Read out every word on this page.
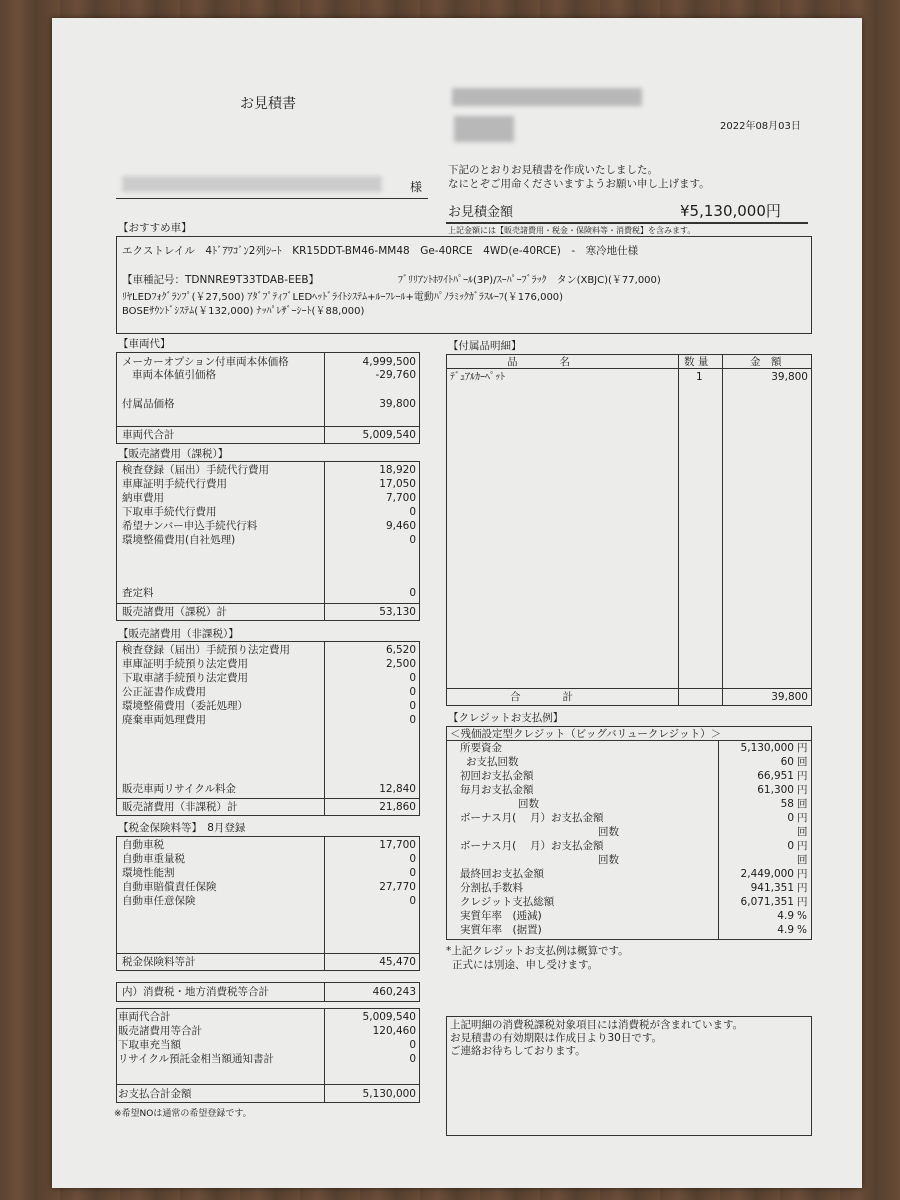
お見積書
2022年08月03日
様
下記のとおりお見積書を作成いたしました。
なにとぞご用命くださいますようお願い申し上げます。
お見積金額	¥5,130,000円
上記金額には【販売諸費用・税金・保険料等・消費税】を含みます。
【おすすめ車】
エクストレイル　4ﾄﾞｱﾜｺﾞﾝ2列ｼｰﾄ　KR15DDT-BM46-MM48　Ge-40RCE　4WD(e-40RCE)　-　寒冷地仕様
【車種記号：TDNNRE9T33TDAB-EEB】	ﾌﾞﾘﾘｱﾝﾄﾎﾜｲﾄﾊﾟｰﾙ(3P)/ｽｰﾊﾟｰﾌﾞﾗｯｸ　タン(XBJC)(￥77,000)
ﾘﾔLEDﾌｫｸﾞﾗﾝﾌﾟ(￥27,500) ｱﾀﾞﾌﾟﾃｨﾌﾞLEDﾍｯﾄﾞﾗｲﾄｼｽﾃﾑ+ﾙｰﾌﾚｰﾙ+電動ﾊﾟﾉﾗﾐｯｸｶﾞﾗｽﾙｰﾌ(￥176,000)
BOSEｻｳﾝﾄﾞｼｽﾃﾑ(￥132,000) ﾅｯﾊﾟﾚｻﾞｰｼｰﾄ(￥88,000)
【車両代】
メーカーオプション付車両本体価格	4,999,500
車両本体値引価格	-29,760
付属品価格	39,800
車両代合計	5,009,540
【販売諸費用（課税）】
検査登録（届出）手続代行費用	18,920
車庫証明手続代行費用	17,050
納車費用	7,700
下取車手続代行費用	0
希望ナンバー申込手続代行料	9,460
環境整備費用(自社処理)	0
査定料	0
販売諸費用（課税）計	53,130
【販売諸費用（非課税）】
検査登録（届出）手続預り法定費用	6,520
車庫証明手続預り法定費用	2,500
下取車諸手続預り法定費用	0
公正証書作成費用	0
環境整備費用（委託処理）	0
廃棄車両処理費用	0
販売車両リサイクル料金	12,840
販売諸費用（非課税）計	21,860
【税金保険料等】　8月登録
自動車税	17,700
自動車重量税	0
環境性能割	0
自動車賠償責任保険	27,770
自動車任意保険	0
税金保険料等計	45,470
内）消費税・地方消費税等合計	460,243
車両代合計	5,009,540
販売諸費用等合計	120,460
下取車充当額	0
リサイクル預託金相当額通知書計	0
お支払合計金額	5,130,000
※希望NOは通常の希望登録です。
【付属品明細】
品　　　　名	数 量	金　額
ﾃﾞｭｱﾙｶｰﾍﾟｯﾄ	1	39,800
合　　　　計	39,800
【クレジットお支払例】
＜残価設定型クレジット（ビッグバリュークレジット）＞
所要資金	5,130,000 円
お支払回数	60 回
初回お支払金額	66,951 円
毎月お支払金額	61,300 円
回数	58 回
ボーナス月(　 月）お支払金額	0 円
回数	回
ボーナス月(　 月）お支払金額	0 円
回数	回
最終回お支払金額	2,449,000 円
分割払手数料	941,351 円
クレジット支払総額	6,071,351 円
実質年率　(逓減)	4.9 %
実質年率　(据置)	4.9 %
*上記クレジットお支払例は概算です。
正式には別途、申し受けます。
上記明細の消費税課税対象項目には消費税が含まれています。
お見積書の有効期限は作成日より30日です。
ご連絡お待ちしております。
